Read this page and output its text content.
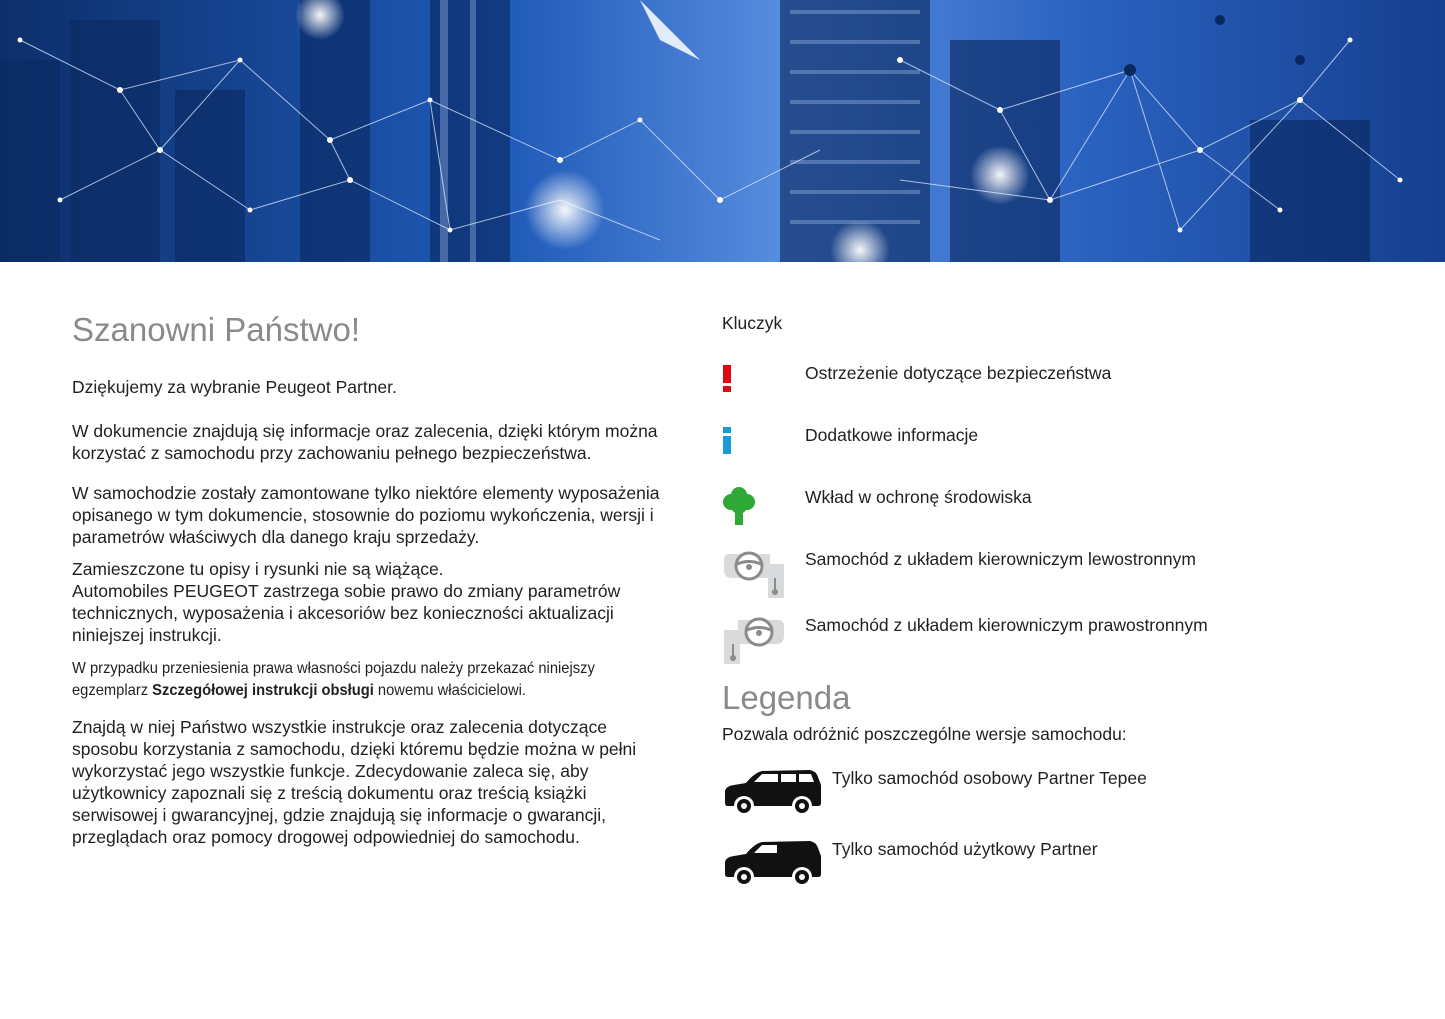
Szanowni Państwo!

Dziękujemy za wybranie Peugeot Partner.

W dokumencie znajdują się informacje oraz zalecenia, dzięki którym można korzystać z samochodu przy zachowaniu pełnego bezpieczeństwa.

W samochodzie zostały zamontowane tylko niektóre elementy wyposażenia opisanego w tym dokumencie, stosownie do poziomu wykończenia, wersji i parametrów właściwych dla danego kraju sprzedaży.

Zamieszczone tu opisy i rysunki nie są wiążące.
Automobiles PEUGEOT zastrzega sobie prawo do zmiany parametrów technicznych, wyposażenia i akcesoriów bez konieczności aktualizacji niniejszej instrukcji.

W przypadku przeniesienia prawa własności pojazdu należy przekazać niniejszy egzemplarz Szczegółowej instrukcji obsługi nowemu właścicielowi.

Znajdą w niej Państwo wszystkie instrukcje oraz zalecenia dotyczące sposobu korzystania z samochodu, dzięki któremu będzie można w pełni wykorzystać jego wszystkie funkcje. Zdecydowanie zaleca się, aby użytkownicy zapoznali się z treścią dokumentu oraz treścią książki serwisowej i gwarancyjnej, gdzie znajdują się informacje o gwarancji, przeglądach oraz pomocy drogowej odpowiedniej do samochodu.

Kluczyk

Ostrzeżenie dotyczące bezpieczeństwa
Dodatkowe informacje
Wkład w ochronę środowiska
Samochód z układem kierowniczym lewostronnym
Samochód z układem kierowniczym prawostronnym
Legenda

Pozwala odróżnić poszczególne wersje samochodu:

Tylko samochód osobowy Partner Tepee
Tylko samochód użytkowy Partner
